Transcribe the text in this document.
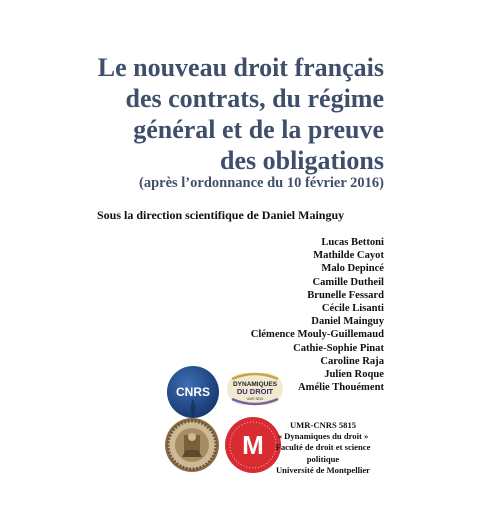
Le nouveau droit français
des contrats, du régime
général et de la preuve
des obligations

(après l’ordonnance du 10 février 2016)

Sous la direction scientifique de Daniel Mainguy

Lucas Bettoni
Mathilde Cayot
Malo Depincé
Camille Dutheil
Brunelle Fessard
Cécile Lisanti
Daniel Mainguy
Clémence Mouly-Guillemaud
Cathie-Sophie Pinat
Caroline Raja
Julien Roque
Amélie Thouément
CNRS
DYNAMIQUES
DU DROIT
UMR 5815
M
UMR-CNRS 5815
« Dynamiques du droit »
Faculté de droit et science
politique
Université de Montpellier
